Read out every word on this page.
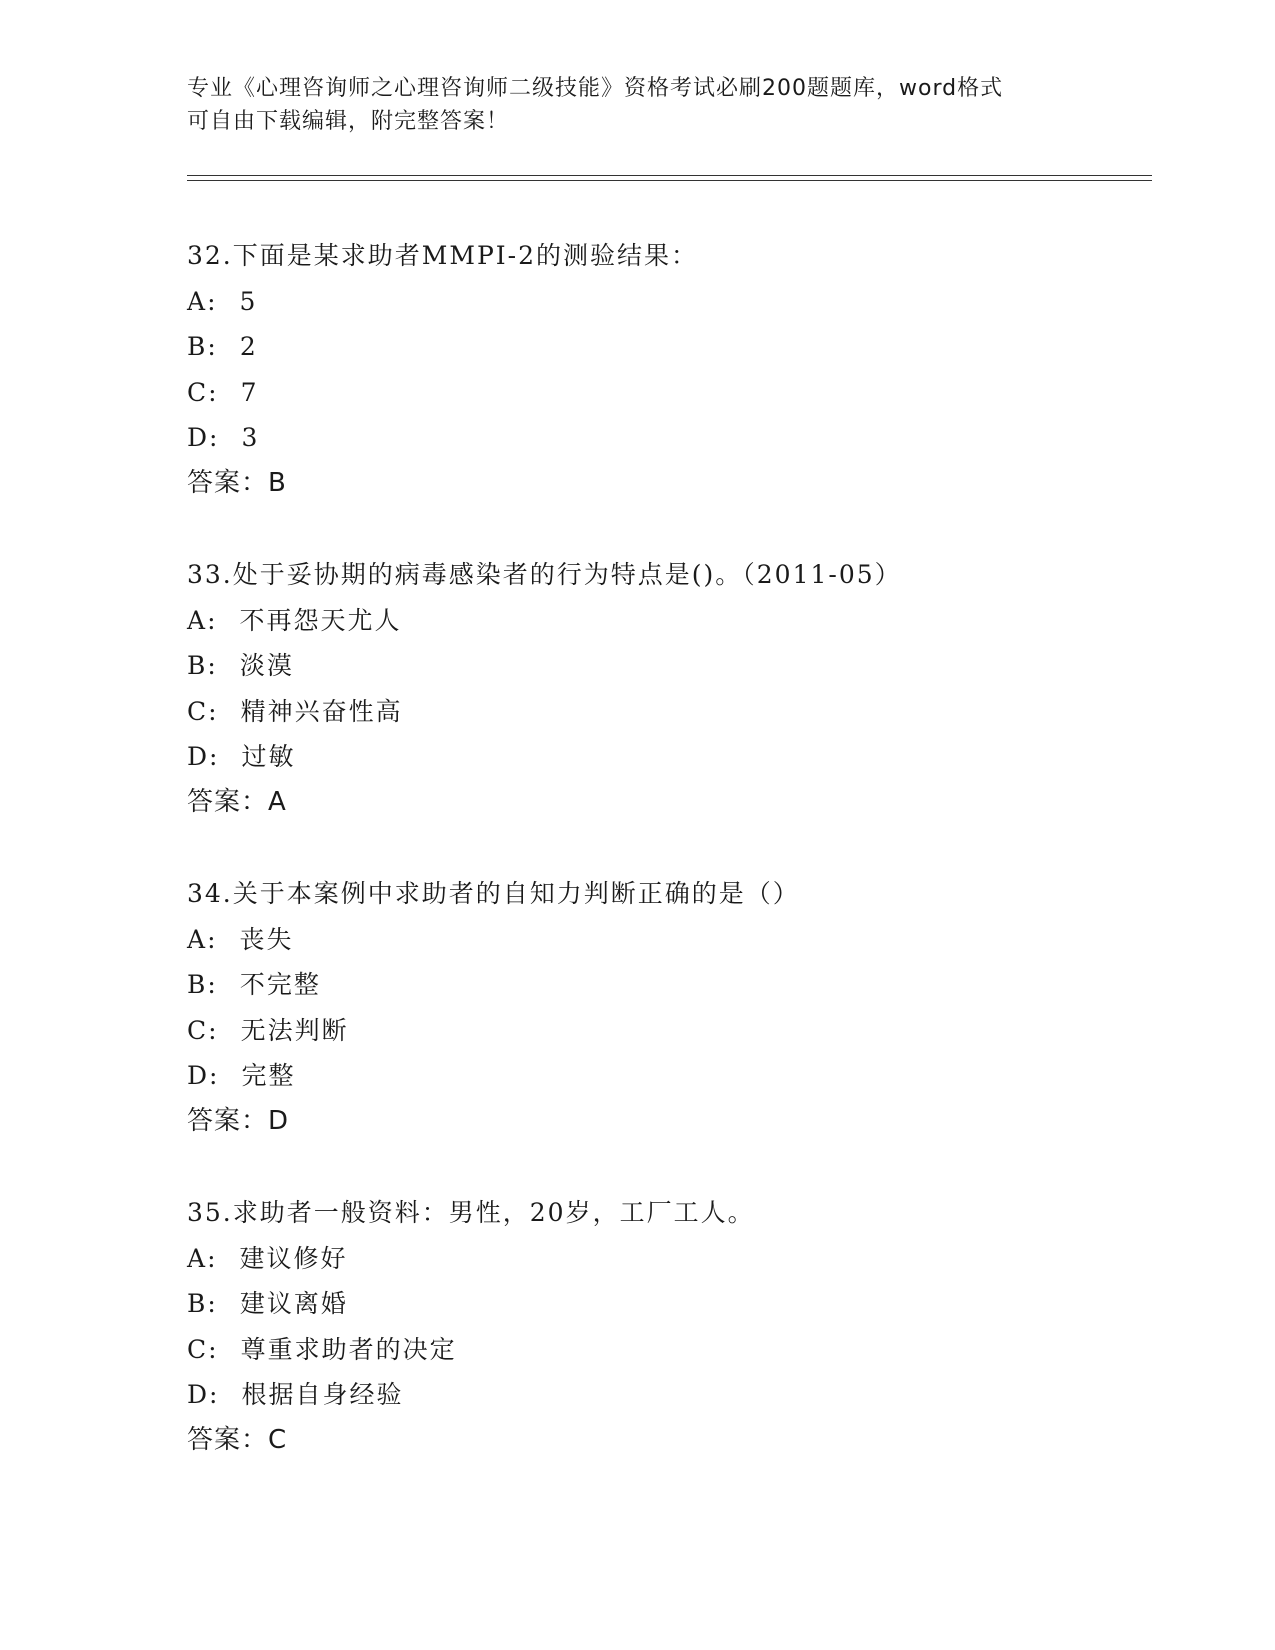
专业《心理咨询师之心理咨询师二级技能》资格考试必刷200题题库，word格式
可自由下载编辑，附完整答案！
32.下面是某求助者MMPI-2的测验结果：
A: 5
B: 2
C: 7
D: 3
答案：B
33.处于妥协期的病毒感染者的行为特点是()。（2011-05）
A: 不再怨天尤人
B: 淡漠
C: 精神兴奋性高
D: 过敏
答案：A
34.关于本案例中求助者的自知力判断正确的是（）
A: 丧失
B: 不完整
C: 无法判断
D: 完整
答案：D
35.求助者一般资料：男性，20岁，工厂工人。
A: 建议修好
B: 建议离婚
C: 尊重求助者的决定
D: 根据自身经验
答案：C
